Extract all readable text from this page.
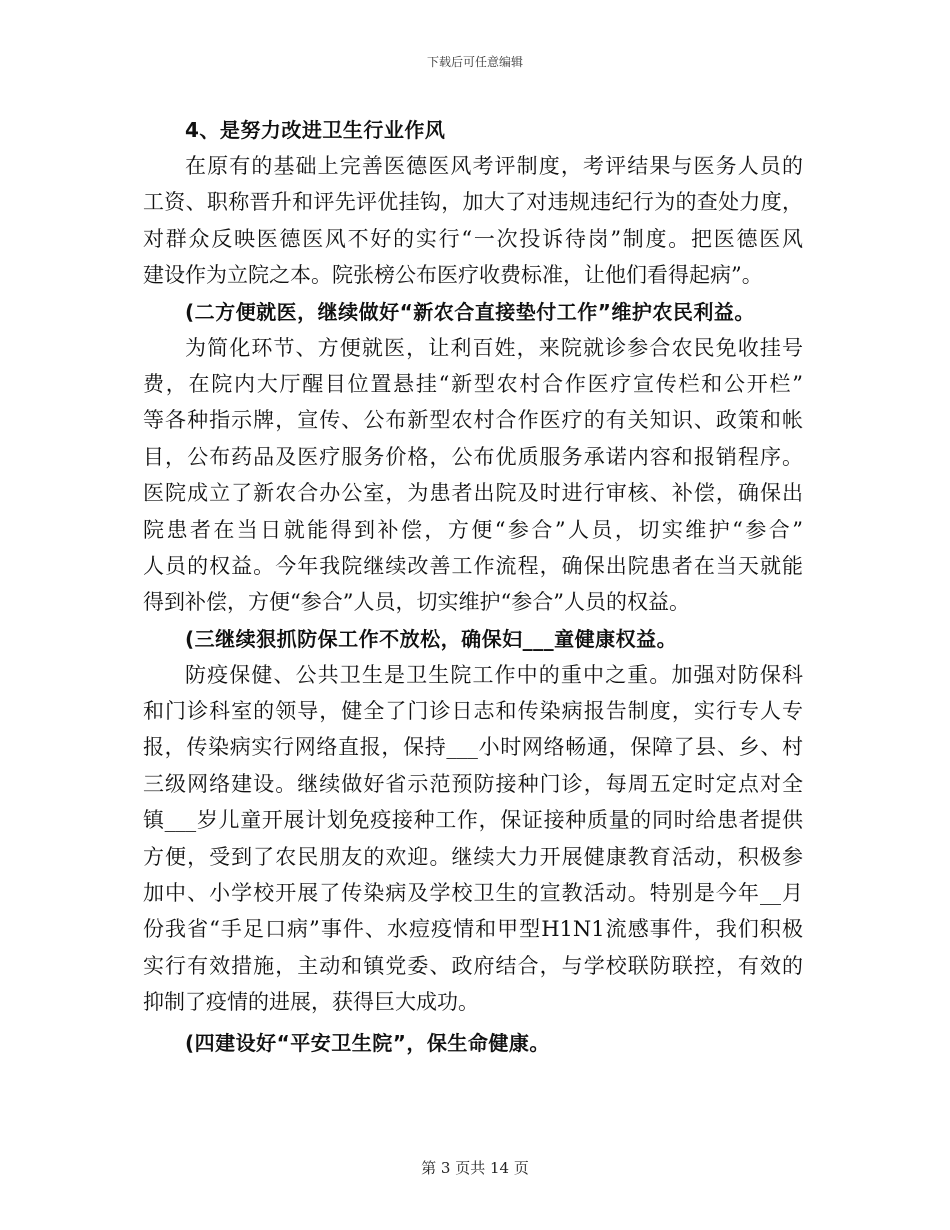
下载后可任意编辑
4、是努力改进卫生行业作风
在原有的基础上完善医德医风考评制度，考评结果与医务人员的
工资、职称晋升和评先评优挂钩，加大了对违规违纪行为的查处力度，
对群众反映医德医风不好的实行“一次投诉待岗”制度。把医德医风
建设作为立院之本。院张榜公布医疗收费标准，让他们看得起病”。
(二方便就医，继续做好“新农合直接垫付工作”维护农民利益。
为简化环节、方便就医，让利百姓，来院就诊参合农民免收挂号
费，在院内大厅醒目位置悬挂“新型农村合作医疗宣传栏和公开栏”
等各种指示牌，宣传、公布新型农村合作医疗的有关知识、政策和帐
目，公布药品及医疗服务价格，公布优质服务承诺内容和报销程序。
医院成立了新农合办公室，为患者出院及时进行审核、补偿，确保出
院患者在当日就能得到补偿，方便“参合”人员，切实维护“参合”
人员的权益。今年我院继续改善工作流程，确保出院患者在当天就能
得到补偿，方便“参合”人员，切实维护“参合”人员的权益。
(三继续狠抓防保工作不放松，确保妇___童健康权益。
防疫保健、公共卫生是卫生院工作中的重中之重。加强对防保科
和门诊科室的领导，健全了门诊日志和传染病报告制度，实行专人专
报，传染病实行网络直报，保持___小时网络畅通，保障了县、乡、村
三级网络建设。继续做好省示范预防接种门诊，每周五定时定点对全
镇___岁儿童开展计划免疫接种工作，保证接种质量的同时给患者提供
方便，受到了农民朋友的欢迎。继续大力开展健康教育活动，积极参
加中、小学校开展了传染病及学校卫生的宣教活动。特别是今年__月
份我省“手足口病”事件、水痘疫情和甲型H1N1流感事件，我们积极
实行有效措施，主动和镇党委、政府结合，与学校联防联控，有效的
抑制了疫情的进展，获得巨大成功。
(四建设好“平安卫生院”，保生命健康。
第 3 页共 14 页
